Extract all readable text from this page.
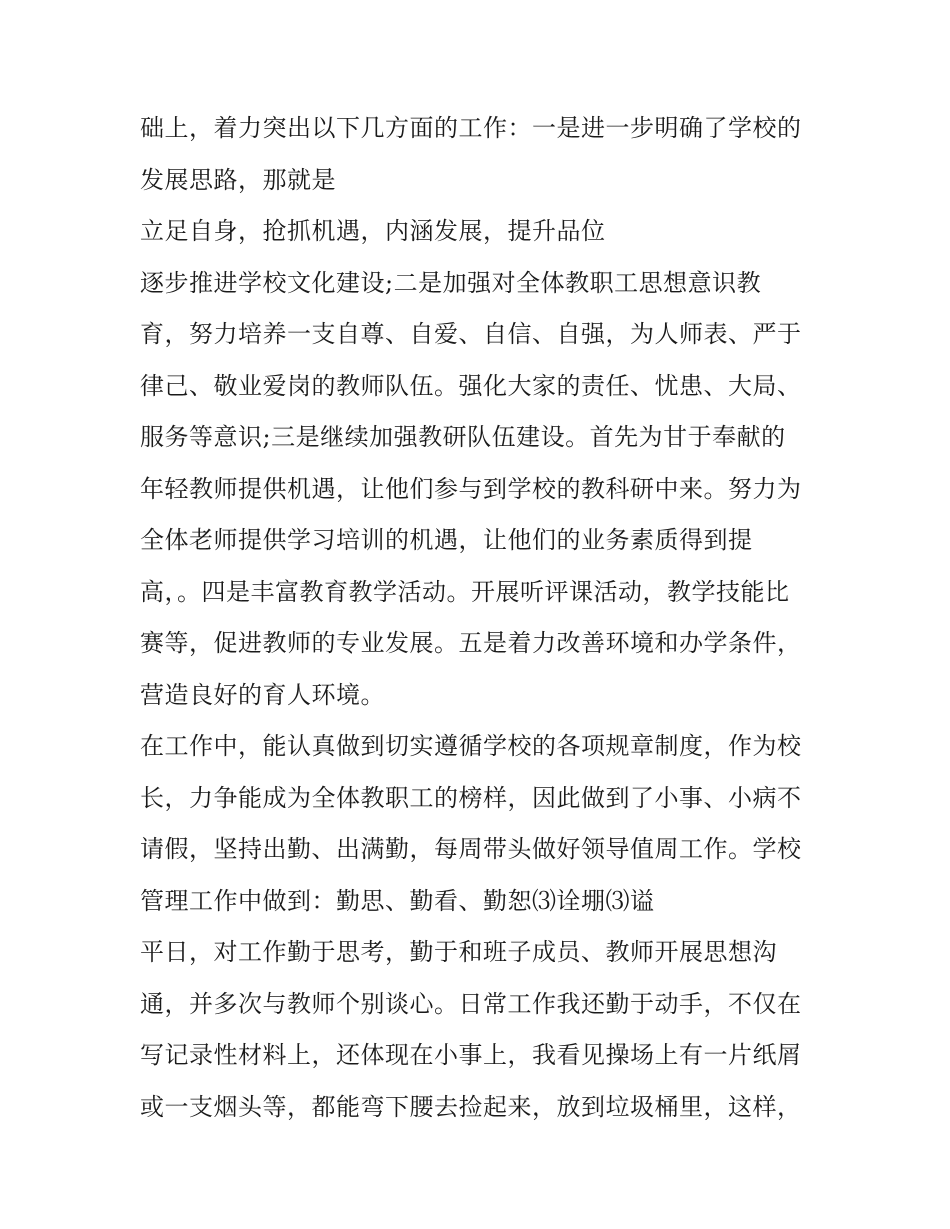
础上，着力突出以下几方面的工作：一是进一步明确了学校的
发展思路，那就是
立足自身，抢抓机遇，内涵发展，提升品位
逐步推进学校文化建设;二是加强对全体教职工思想意识教
育，努力培养一支自尊、自爱、自信、自强，为人师表、严于
律己、敬业爱岗的教师队伍。强化大家的责任、忧患、大局、
服务等意识;三是继续加强教研队伍建设。首先为甘于奉献的
年轻教师提供机遇，让他们参与到学校的教科研中来。努力为
全体老师提供学习培训的机遇，让他们的业务素质得到提
高，。四是丰富教育教学活动。开展听评课活动，教学技能比
赛等，促进教师的专业发展。五是着力改善环境和办学条件，
营造良好的育人环境。
在工作中，能认真做到切实遵循学校的各项规章制度，作为校
长，力争能成为全体教职工的榜样，因此做到了小事、小病不
请假，坚持出勤、出满勤，每周带头做好领导值周工作。学校
管理工作中做到：勤思、勤看、勤恕⑶诠堋⑶谥
平日，对工作勤于思考，勤于和班子成员、教师开展思想沟
通，并多次与教师个别谈心。日常工作我还勤于动手，不仅在
写记录性材料上，还体现在小事上，我看见操场上有一片纸屑
或一支烟头等，都能弯下腰去捡起来，放到垃圾桶里，这样，
